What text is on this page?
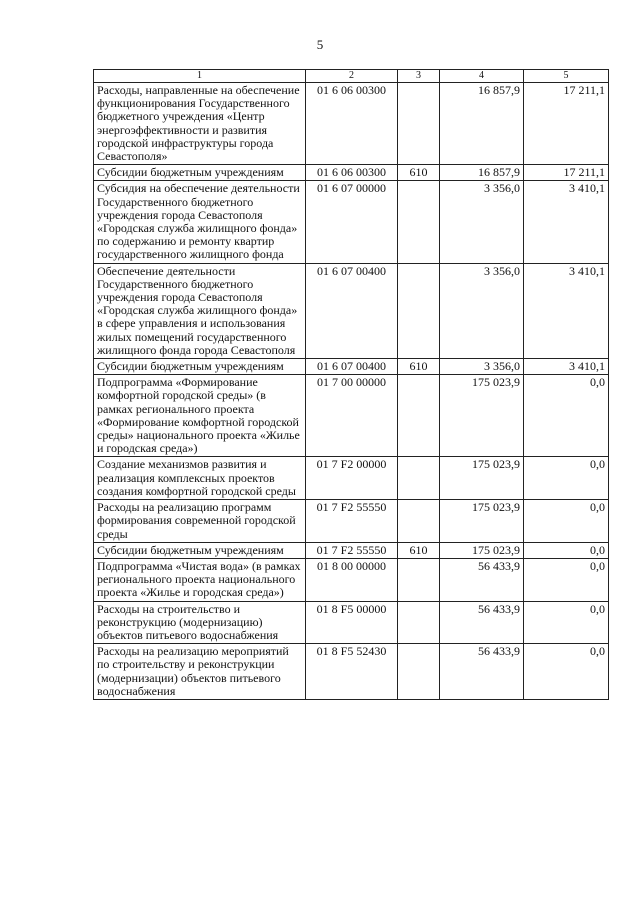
5
1	2	3	4	5
Расходы, направленные на обеспечение функционирования Государственного бюджетного учреждения «Центр энергоэффективности и развития городской инфраструктуры города Севастополя»	01 6 06 00300		16 857,9	17 211,1
Субсидии бюджетным учреждениям	01 6 06 00300	610	16 857,9	17 211,1
Субсидия на обеспечение деятельности Государственного бюджетного учреждения города Севастополя «Городская служба жилищного фонда» по содержанию и ремонту квартир государственного жилищного фонда	01 6 07 00000		3 356,0	3 410,1
Обеспечение деятельности Государственного бюджетного учреждения города Севастополя «Городская служба жилищного фонда» в сфере управления и использования жилых помещений государственного жилищного фонда города Севастополя	01 6 07 00400		3 356,0	3 410,1
Субсидии бюджетным учреждениям	01 6 07 00400	610	3 356,0	3 410,1
Подпрограмма «Формирование комфортной городской среды» (в рамках регионального проекта «Формирование комфортной городской среды» национального проекта «Жилье и городская среда»)	01 7 00 00000		175 023,9	0,0
Создание механизмов развития и реализация комплексных проектов создания комфортной городской среды	01 7 F2 00000		175 023,9	0,0
Расходы на реализацию программ формирования современной городской среды	01 7 F2 55550		175 023,9	0,0
Субсидии бюджетным учреждениям	01 7 F2 55550	610	175 023,9	0,0
Подпрограмма «Чистая вода» (в рамках регионального проекта национального проекта «Жилье и городская среда»)	01 8 00 00000		56 433,9	0,0
Расходы на строительство и реконструкцию (модернизацию) объектов питьевого водоснабжения	01 8 F5 00000		56 433,9	0,0
Расходы на реализацию мероприятий по строительству и реконструкции (модернизации) объектов питьевого водоснабжения	01 8 F5 52430		56 433,9	0,0
